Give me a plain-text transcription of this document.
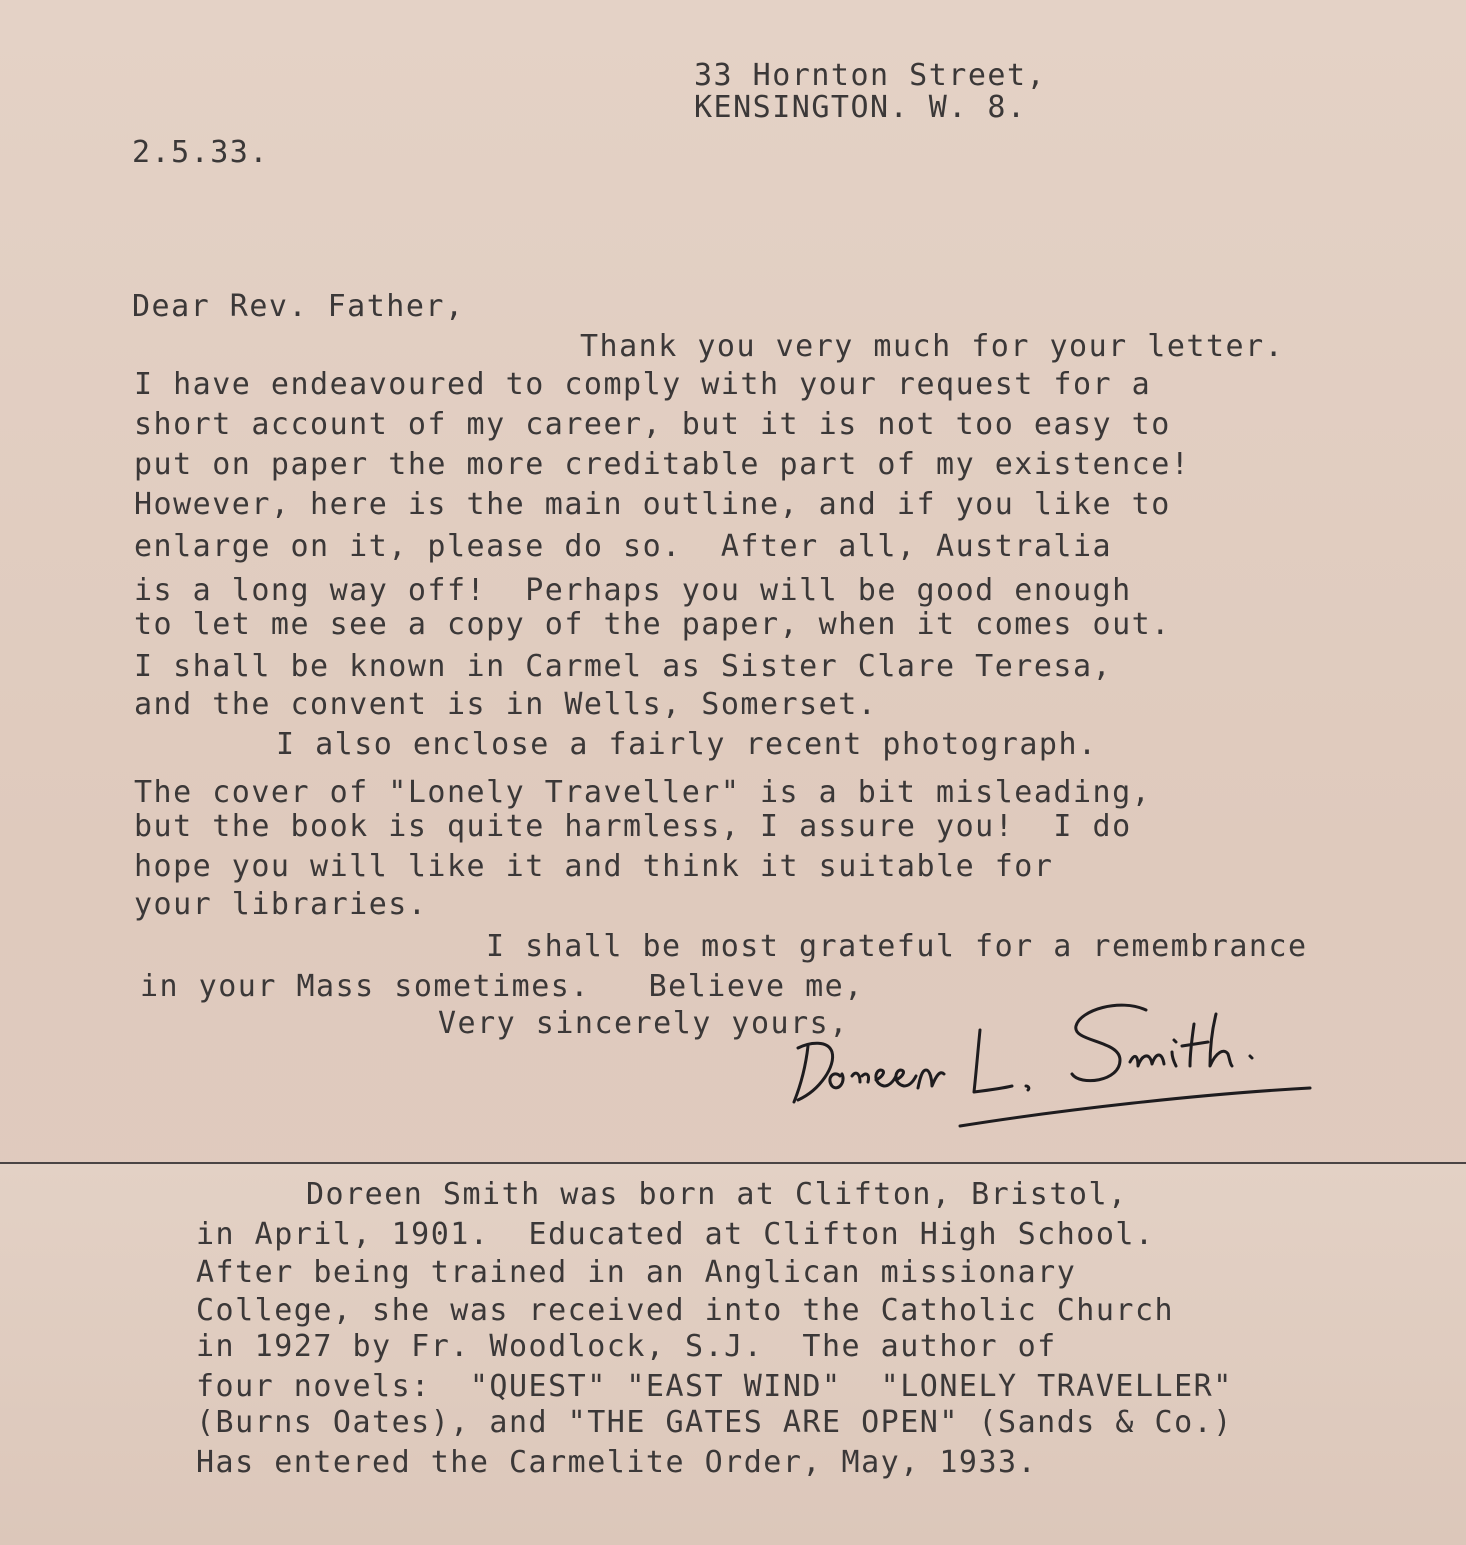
33 Hornton Street,
KENSINGTON. W. 8.

2.5.33.

Dear Rev. Father,

Thank you very much for your letter.

I have endeavoured to comply with your request for a

short account of my career, but it is not too easy to

put on paper the more creditable part of my existence!

However, here is the main outline, and if you like to

enlarge on it, please do so.  After all, Australia

is a long way off!  Perhaps you will be good enough

to let me see a copy of the paper, when it comes out.

I shall be known in Carmel as Sister Clare Teresa,

and the convent is in Wells, Somerset.

I also enclose a fairly recent photograph.

The cover of "Lonely Traveller" is a bit misleading,

but the book is quite harmless, I assure you!  I do

hope you will like it and think it suitable for

your libraries.

I shall be most grateful for a remembrance

in your Mass sometimes.   Believe me,

Very sincerely yours,

Doreen Smith was born at Clifton, Bristol,

in April, 1901.  Educated at Clifton High School.

After being trained in an Anglican missionary

College, she was received into the Catholic Church

in 1927 by Fr. Woodlock, S.J.  The author of

four novels:  "QUEST" "EAST WIND"  "LONELY TRAVELLER"

(Burns Oates), and "THE GATES ARE OPEN" (Sands & Co.)

Has entered the Carmelite Order, May, 1933.
